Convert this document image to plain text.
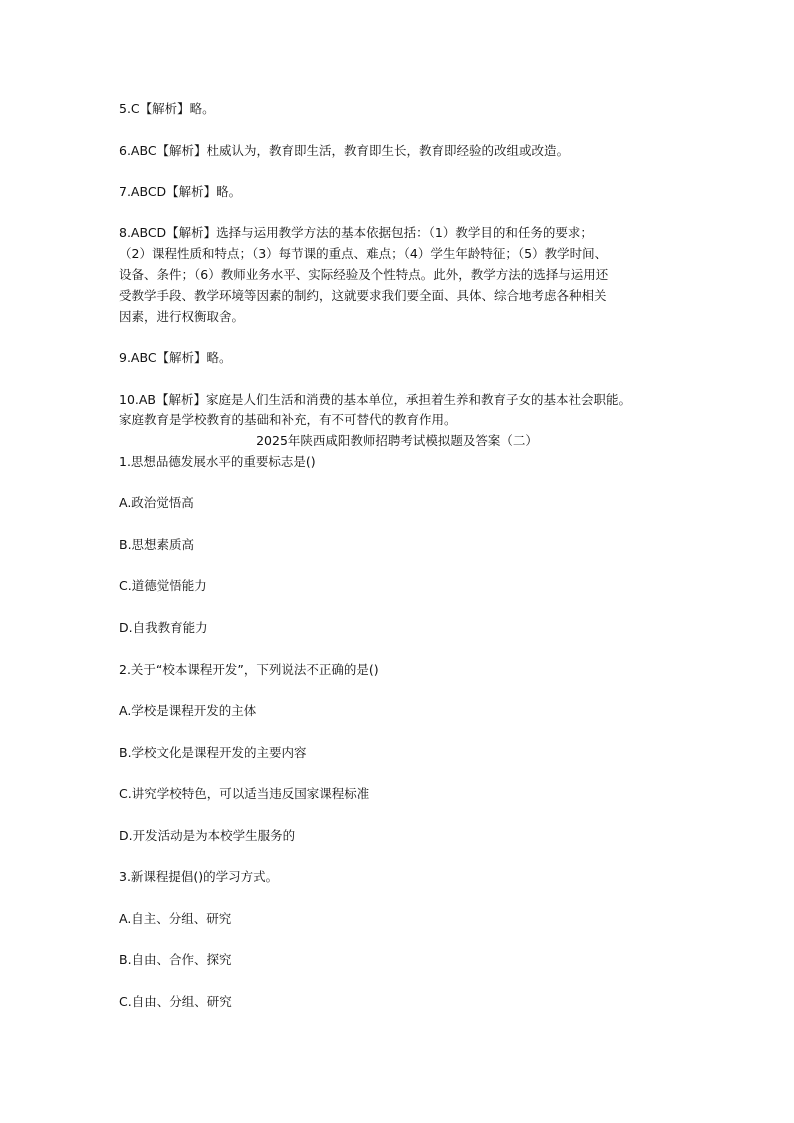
5.C【解析】略。

6.ABC【解析】杜威认为，教育即生活，教育即生长，教育即经验的改组或改造。

7.ABCD【解析】略。

8.ABCD【解析】选择与运用教学方法的基本依据包括：（1）教学目的和任务的要求；

（2）课程性质和特点；（3）每节课的重点、难点；（4）学生年龄特征；（5）教学时间、

设备、条件；（6）教师业务水平、实际经验及个性特点。此外，教学方法的选择与运用还

受教学手段、教学环境等因素的制约，这就要求我们要全面、具体、综合地考虑各种相关

因素，进行权衡取舍。

9.ABC【解析】略。

10.AB【解析】家庭是人们生活和消费的基本单位，承担着生养和教育子女的基本社会职能。

家庭教育是学校教育的基础和补充，有不可替代的教育作用。

2025年陕西咸阳教师招聘考试模拟题及答案（二）

1.思想品德发展水平的重要标志是()

A.政治觉悟高

B.思想素质高

C.道德觉悟能力

D.自我教育能力

2.关于“校本课程开发”，下列说法不正确的是()

A.学校是课程开发的主体

B.学校文化是课程开发的主要内容

C.讲究学校特色，可以适当违反国家课程标准

D.开发活动是为本校学生服务的

3.新课程提倡()的学习方式。

A.自主、分组、研究

B.自由、合作、探究

C.自由、分组、研究
